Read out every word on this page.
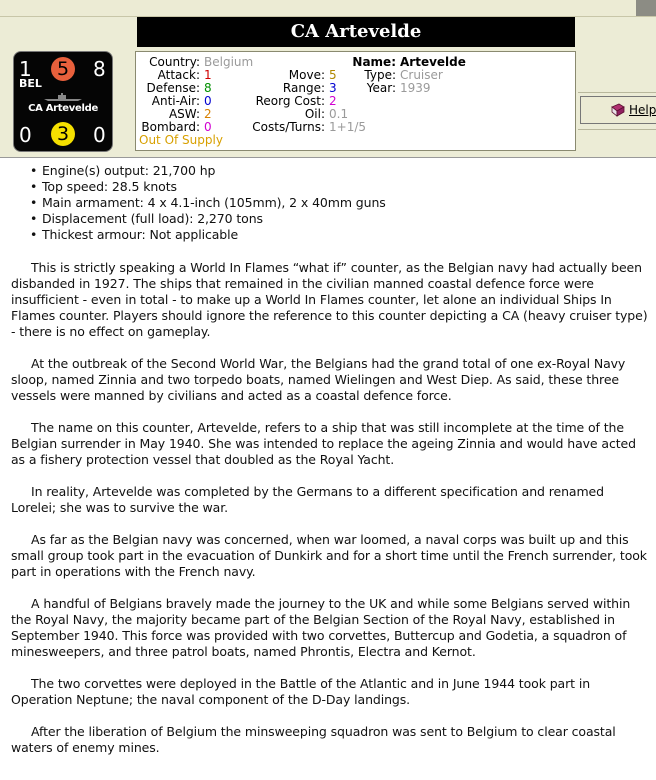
CA Artevelde
1	5 8
BEL
CA Artevelde
0	3 0
Country: Belgium
Attack: 1
Defense: 8
Anti-Air: 0
ASW: 2
Bombard: 0
Out Of Supply
Move: 5
Range: 3
Reorg Cost: 2
Oil: 0.1
Costs/Turns: 1+1/5
Name: Artevelde
Type: Cruiser
Year: 1939
Help
• Engine(s) output: 21,700 hp
• Top speed: 28.5 knots
• Main armament: 4 x 4.1-inch (105mm), 2 x 40mm guns
• Displacement (full load): 2,270 tons
• Thickest armour: Not applicable

This is strictly speaking a World In Flames “what if” counter, as the Belgian navy had actually been disbanded in 1927. The ships that remained in the civilian manned coastal defence force were insufficient - even in total - to make up a World In Flames counter, let alone an individual Ships In Flames counter. Players should ignore the reference to this counter depicting a CA (heavy cruiser type) - there is no effect on gameplay.

At the outbreak of the Second World War, the Belgians had the grand total of one ex-Royal Navy sloop, named Zinnia and two torpedo boats, named Wielingen and West Diep. As said, these three vessels were manned by civilians and acted as a coastal defence force.

The name on this counter, Artevelde, refers to a ship that was still incomplete at the time of the Belgian surrender in May 1940. She was intended to replace the ageing Zinnia and would have acted as a fishery protection vessel that doubled as the Royal Yacht.

In reality, Artevelde was completed by the Germans to a different specification and renamed Lorelei; she was to survive the war.

As far as the Belgian navy was concerned, when war loomed, a naval corps was built up and this small group took part in the evacuation of Dunkirk and for a short time until the French surrender, took part in operations with the French navy.

A handful of Belgians bravely made the journey to the UK and while some Belgians served within the Royal Navy, the majority became part of the Belgian Section of the Royal Navy, established in September 1940. This force was provided with two corvettes, Buttercup and Godetia, a squadron of minesweepers, and three patrol boats, named Phrontis, Electra and Kernot.

The two corvettes were deployed in the Battle of the Atlantic and in June 1944 took part in Operation Neptune; the naval component of the D-Day landings.

After the liberation of Belgium the minsweeping squadron was sent to Belgium to clear coastal waters of enemy mines.
